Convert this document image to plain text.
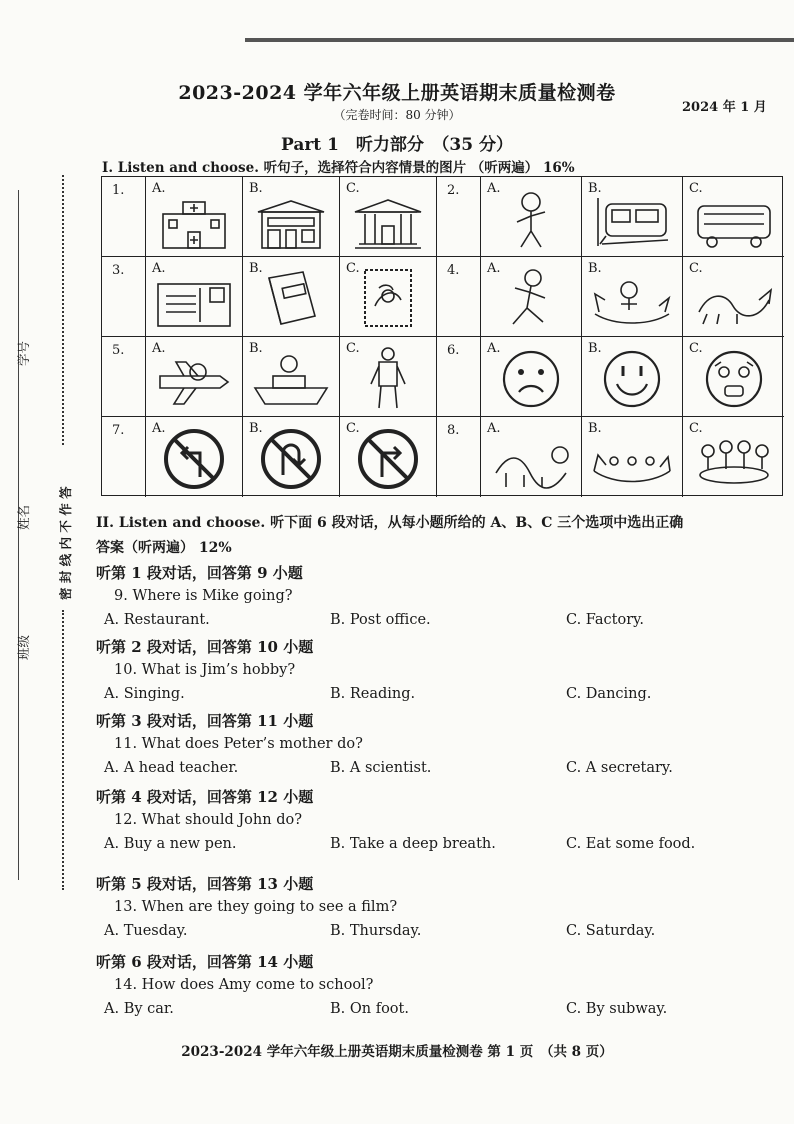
学号
姓名
班级
密 封 线 内 不 作 答
2023-2024 学年六年级上册英语期末质量检测卷
2024 年 1 月
（完卷时间：80 分钟）
Part 1　听力部分　（35 分）
I. Listen and choose. 听句子，选择符合内容情景的图片 （听两遍） 16%
1.	A.	B.	C.	2.	A.	B.	C.
3.	A.	B.	C.	4.	A.	B.	C.
5.	A.	B.	C.	6.	A.	B.	C.
7.	A.	B.	C.	8.	A.	B.	C.
II. Listen and choose. 听下面 6 段对话，从每小题所给的 A、B、C 三个选项中选出正确
答案（听两遍） 12%
听第 1 段对话，回答第 9 小题
9. Where is Mike going?
A. Restaurant.	B. Post office.	C. Factory.
听第 2 段对话，回答第 10 小题
10. What is Jim’s hobby?
A. Singing.	B. Reading.	C. Dancing.
听第 3 段对话，回答第 11 小题
11. What does Peter’s mother do?
A. A head teacher.	B. A scientist.	C. A secretary.
听第 4 段对话，回答第 12 小题
12. What should John do?
A. Buy a new pen.	B. Take a deep breath.	C. Eat some food.
听第 5 段对话，回答第 13 小题
13. When are they going to see a film?
A. Tuesday.	B. Thursday.	C. Saturday.
听第 6 段对话，回答第 14 小题
14. How does Amy come to school?
A. By car.	B. On foot.	C. By subway.
2023-2024 学年六年级上册英语期末质量检测卷 第 1 页　（共 8 页）
